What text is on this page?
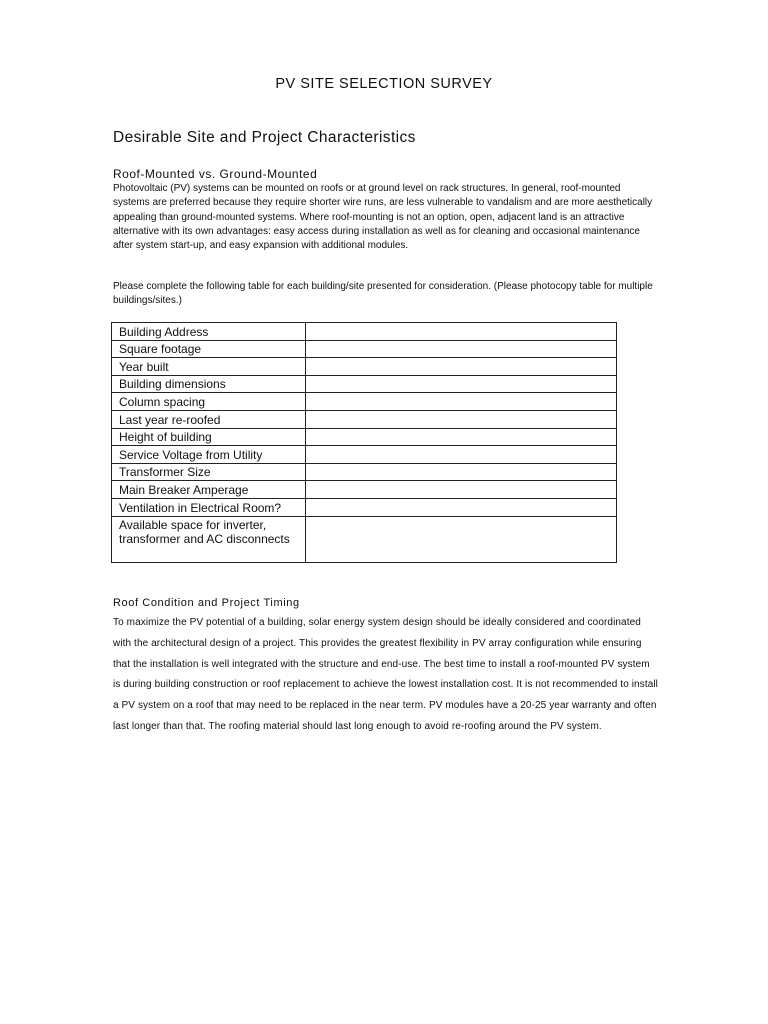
PV SITE SELECTION SURVEY
Desirable Site and Project Characteristics
Roof-Mounted vs. Ground-Mounted

Photovoltaic (PV) systems can be mounted on roofs or at ground level on rack structures. In general, roof-mounted systems are preferred because they require shorter wire runs, are less vulnerable to vandalism and are more aesthetically appealing than ground-mounted systems. Where roof-mounting is not an option, open, adjacent land is an attractive alternative with its own advantages: easy access during installation as well as for cleaning and occasional maintenance after system start-up, and easy expansion with additional modules.

Please complete the following table for each building/site presented for consideration. (Please photocopy table for multiple buildings/sites.)

Building Address	
Square footage	
Year built	
Building dimensions	
Column spacing	
Last year re-roofed	
Height of building	
Service Voltage from Utility	
Transformer Size	
Main Breaker Amperage	
Ventilation in Electrical Room?	
Available space for inverter, transformer and AC disconnects	
Roof Condition and Project Timing

To maximize the PV potential of a building, solar energy system design should be ideally considered and coordinated with the architectural design of a project. This provides the greatest flexibility in PV array configuration while ensuring that the installation is well integrated with the structure and end-use. The best time to install a roof-mounted PV system is during building construction or roof replacement to achieve the lowest installation cost. It is not recommended to install a PV system on a roof that may need to be replaced in the near term. PV modules have a 20-25 year warranty and often last longer than that. The roofing material should last long enough to avoid re-roofing around the PV system.
